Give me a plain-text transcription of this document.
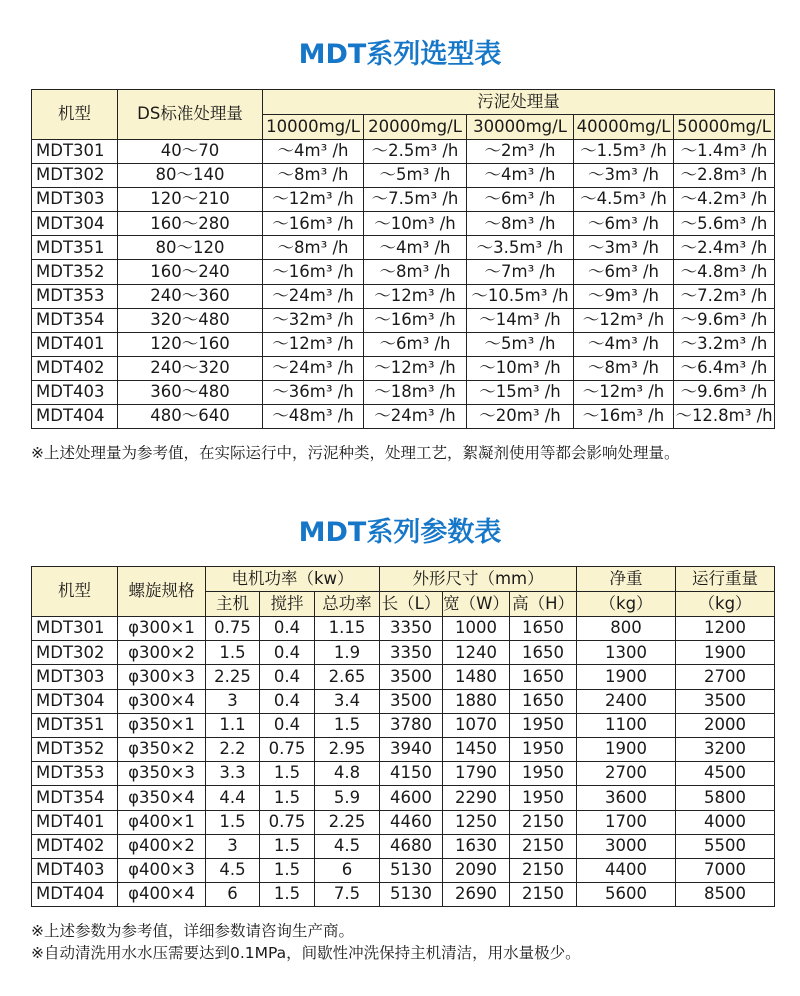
MDT系列选型表
机型	DS标准处理量	污泥处理量				
		10000mg/L	20000mg/L	30000mg/L	40000mg/L	50000mg/L
MDT301	40～70	～4m³ /h	～2.5m³ /h	～2m³ /h	～1.5m³ /h	～1.4m³ /h
MDT302	80～140	～8m³ /h	～5m³ /h	～4m³ /h	～3m³ /h	～2.8m³ /h
MDT303	120～210	～12m³ /h	～7.5m³ /h	～6m³ /h	～4.5m³ /h	～4.2m³ /h
MDT304	160～280	～16m³ /h	～10m³ /h	～8m³ /h	～6m³ /h	～5.6m³ /h
MDT351	80～120	～8m³ /h	～4m³ /h	～3.5m³ /h	～3m³ /h	～2.4m³ /h
MDT352	160～240	～16m³ /h	～8m³ /h	～7m³ /h	～6m³ /h	～4.8m³ /h
MDT353	240～360	～24m³ /h	～12m³ /h	～10.5m³ /h	～9m³ /h	～7.2m³ /h
MDT354	320～480	～32m³ /h	～16m³ /h	～14m³ /h	～12m³ /h	～9.6m³ /h
MDT401	120～160	～12m³ /h	～6m³ /h	～5m³ /h	～4m³ /h	～3.2m³ /h
MDT402	240～320	～24m³ /h	～12m³ /h	～10m³ /h	～8m³ /h	～6.4m³ /h
MDT403	360～480	～36m³ /h	～18m³ /h	～15m³ /h	～12m³ /h	～9.6m³ /h
MDT404	480～640	～48m³ /h	～24m³ /h	～20m³ /h	～16m³ /h	～12.8m³ /h
※上述处理量为参考值，在实际运行中，污泥种类，处理工艺，絮凝剂使用等都会影响处理量。
MDT系列参数表
机型	螺旋规格	电机功率（kw）			外形尺寸（mm）			净重	运行重量
		主机	搅拌	总功率	长（L）	宽（W）	高（H）	（kg）	（kg）
MDT301	φ300×1	0.75	0.4	1.15	3350	1000	1650	800	1200
MDT302	φ300×2	1.5	0.4	1.9	3350	1240	1650	1300	1900
MDT303	φ300×3	2.25	0.4	2.65	3500	1480	1650	1900	2700
MDT304	φ300×4	3	0.4	3.4	3500	1880	1650	2400	3500
MDT351	φ350×1	1.1	0.4	1.5	3780	1070	1950	1100	2000
MDT352	φ350×2	2.2	0.75	2.95	3940	1450	1950	1900	3200
MDT353	φ350×3	3.3	1.5	4.8	4150	1790	1950	2700	4500
MDT354	φ350×4	4.4	1.5	5.9	4600	2290	1950	3600	5800
MDT401	φ400×1	1.5	0.75	2.25	4460	1250	2150	1700	4000
MDT402	φ400×2	3	1.5	4.5	4680	1630	2150	3000	5500
MDT403	φ400×3	4.5	1.5	6	5130	2090	2150	4400	7000
MDT404	φ400×4	6	1.5	7.5	5130	2690	2150	5600	8500
※上述参数为参考值，详细参数请咨询生产商。
※自动清洗用水水压需要达到0.1MPa，间歇性冲洗保持主机清洁，用水量极少。
